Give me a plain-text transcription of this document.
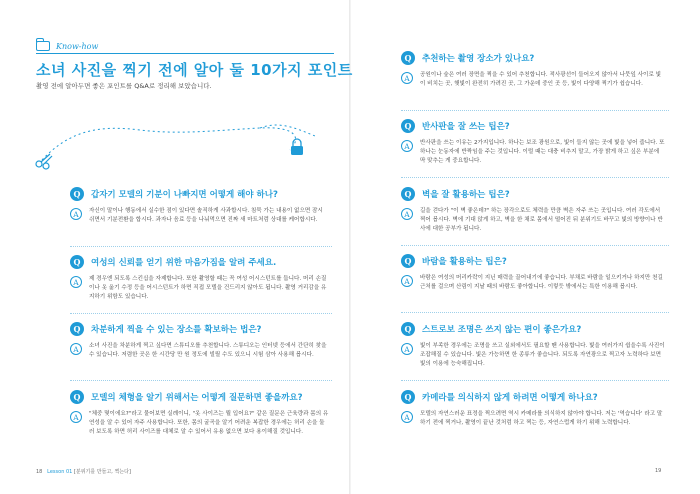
Know-how
소녀 사진을 찍기 전에 알아 둘 10가지 포인트
촬영 전에 알아두면 좋은 포인트를 Q&A로 정리해 보았습니다.
Q	갑자기 모델의 기분이 나빠지면 어떻게 해야 하나?
A	자신이 말이나 행동에서 실수한 점이 있다면 솔직하게 사과합시다. 침묵 가는 내용이 없으면 잠시 쉬면서 기분전환을 합시다. 과자나 음료 등을 나눠먹으면 진짜 새 마트처럼 상대를 케어합시다.
Q	여성의 신뢰를 얻기 위한 마음가짐을 알려 주세요.
A	제 경우엔 되도록 스킨십을 자제합니다. 또한 촬영할 때는 꼭 여성 어시스턴트를 둡니다. 머리 손질이나 옷 옮기 수정 등을 어시스턴트가 하면 직접 모델을 건드리지 않아도 됩니다. 촬영 거리감을 유지하기 위함도 있습니다.
Q	차분하게 찍을 수 있는 장소를 확보하는 법은?
A	소녀 사진을 차분하게 찍고 싶다면 스튜디오를 추천합니다. 스튜디오는 인터넷 등에서 간단히 찾을 수 있습니다. 저렴한 곳은 한 시간당 만 원 정도에 빌릴 수도 있으니 시험 삼아 사용해 봅시다.
Q	모델의 체형을 알기 위해서는 어떻게 질문하면 좋을까요?
A	"체중 몇이에요?"라고 물어보면 실례이니, "옷 사이즈는 뭘 입어요?" 같은 질문은 근육량과 몸의 유연성을 알 수 있어 자주 사용합니다. 또한, 몸의 굴곡을 알기 어려운 복잡한 경우에는 허리 손을 둘러 보도록 하면 허리 사이즈를 대체로 알 수 있어서 유용 없으면 보다 용이해질 것입니다.
Q	추천하는 촬영 장소가 있나요?
A	공원이나 숲은 여러 장면을 찍을 수 있어 추천합니다. 적사광선이 들어오지 않아서 나뭇잎 사이로 빛이 비치는 곳, 햇빛이 완전히 가려진 곳, 그 가운데 중인 곳 등, 빛이 다양해 찍기가 쉽습니다.
Q	반사판을 잘 쓰는 팁은?
A	반사판을 쓰는 이유는 2가지입니다. 하나는 보조 광원으로, 빛이 들지 않는 곳에 빛을 넣어 줍니다. 또 하나는 눈동자에 반짝임을 주는 것입니다. 이럴 때는 대충 비추지 말고, 가장 밝게 하고 싶은 부분에 딱 맞추는 게 중요합니다.
Q	벽을 잘 활용하는 팁은?
A	길을 걷다가 "이 벽 좋은데?" 하는 장각으로도 체력을 만큼 벽은 자주 쓰는 곳입니다. 여러 각도에서 찍어 봅시다. 벽에 기대 앉게 하고, 벽을 한 채로 몸에서 떨어진 뒤 분위기도 바꾸고 빛의 방향이나 반사에 대한 공부가 됩니다.
Q	바람을 활용하는 팁은?
A	바람은 여성의 머리카락이 지닌 매력을 끌어내기에 좋습니다. 부채로 바람을 일으키거나 하지만 천길 근처를 걸으며 산림이 지날 때의 바람도 좋아합니다. 이렇듯 밖에서는 특한 이용해 봅시다.
Q	스트로보 조명은 쓰지 않는 편이 좋은가요?
A	빛이 부족한 경우에는 조명을 쓰고 실외에서도 필요할 땐 사용합니다. 빛을 여러가지 쉽을수록 사진이 조잡해질 수 있습니다. 빛은 가능하면 한 종류가 좋습니다. 되도록 자연광으로 찍고자 노력하다 보면 빛의 이용에 능숙해집니다.
Q	카메라를 의식하지 않게 하려면 어떻게 하나요?
A	모델의 자연스러운 표정을 찍으려면 역시 카메라를 의식하지 않아야 합니다. 저는 '역습니다' 라고 말하기 전에 찍거나, 촬영이 끝난 것처럼 하고 찍는 등, 자연스럽게 하기 위해 노력합니다.
18 Lesson 01 [분위기를 만들고, 찍는다]	19
